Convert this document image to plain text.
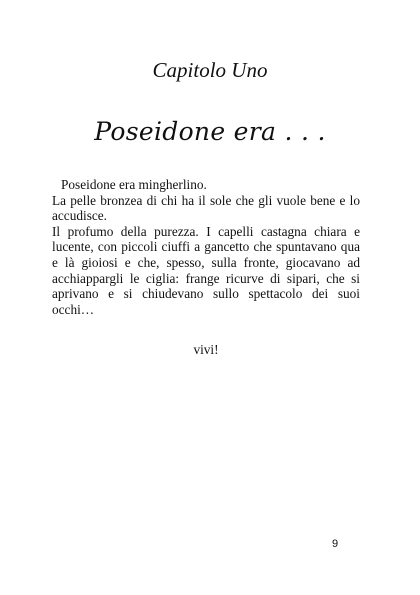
Capitolo Uno
Poseidone era . . .

Poseidone era mingherlino.

La pelle bronzea di chi ha il sole che gli vuole bene e lo accudisce.

Il profumo della purezza. I capelli castagna chiara e lucente, con piccoli ciuffi a gancetto che spuntavano qua e là gioiosi e che, spesso, sulla fronte, giocavano ad acchiappargli le ciglia: frange ricurve di sipari, che si aprivano e si chiudevano sullo spettacolo dei suoi occhi…

vivi!
9
